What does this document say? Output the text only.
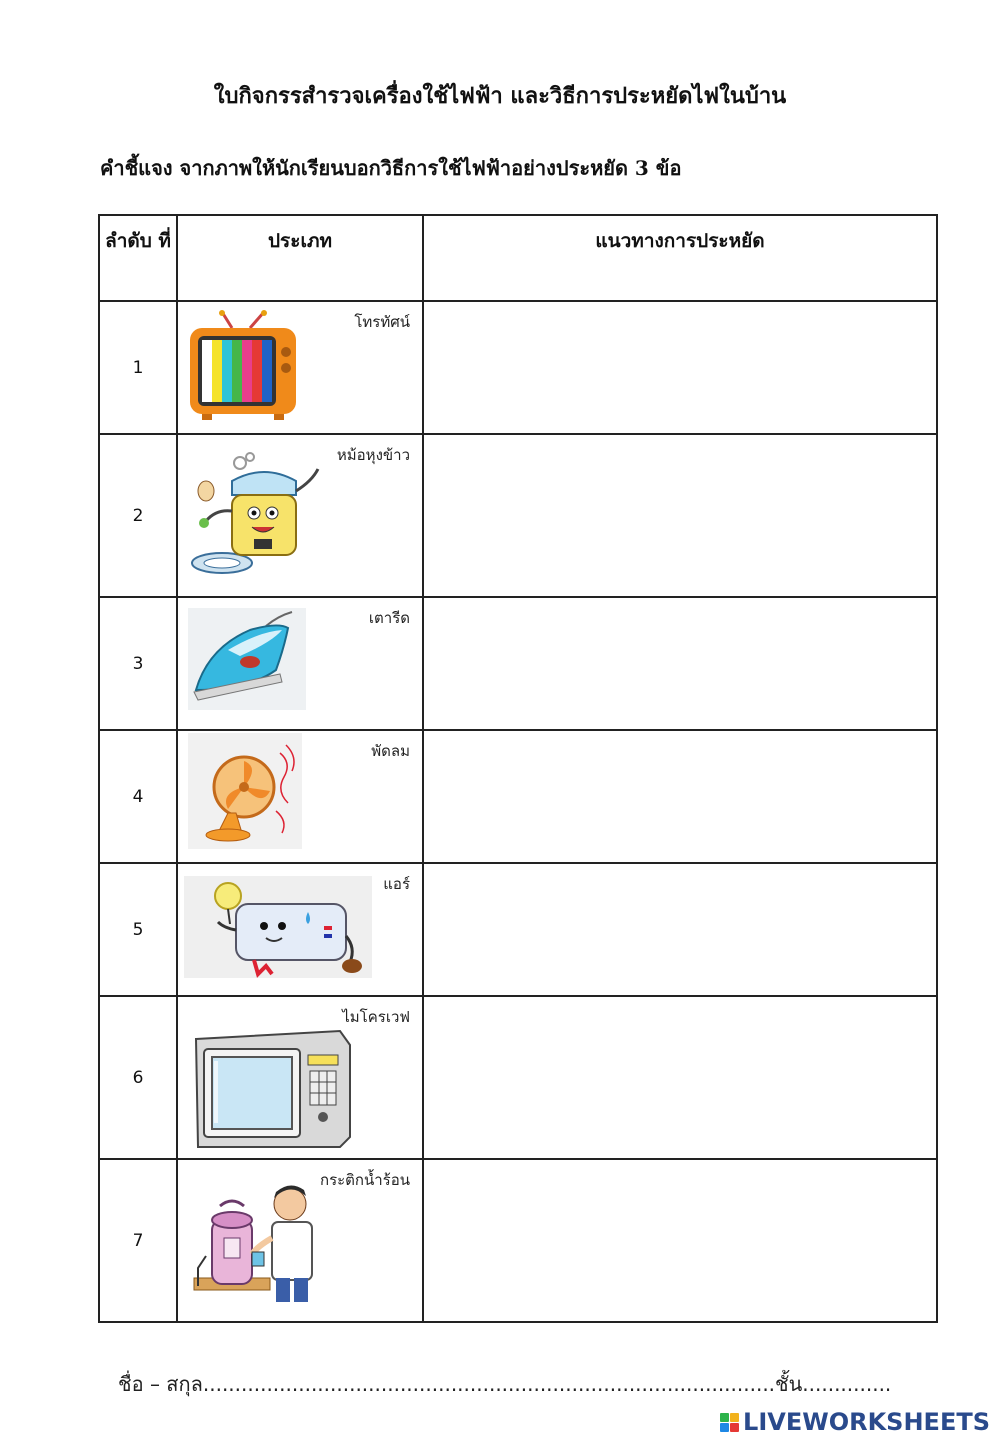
ใบกิจกรรสำรวจเครื่องใช้ไฟฟ้า และวิธีการประหยัดไฟในบ้าน
คำชี้แจง จากภาพให้นักเรียนบอกวิธีการใช้ไฟฟ้าอย่างประหยัด 3 ข้อ
ลำดับ ที่	ประเภท	แนวทางการประหยัด
1	โทรทัศน์	

2	หม้อหุงข้าว	

3	เตารีด	

4	พัดลม	

5	แอร์	

6	ไมโครเวฟ	

7	กระติกน้ำร้อน	

ชื่อ – สกุล..........................................................................................ชั้น..............
LIVEWORKSHEETS
